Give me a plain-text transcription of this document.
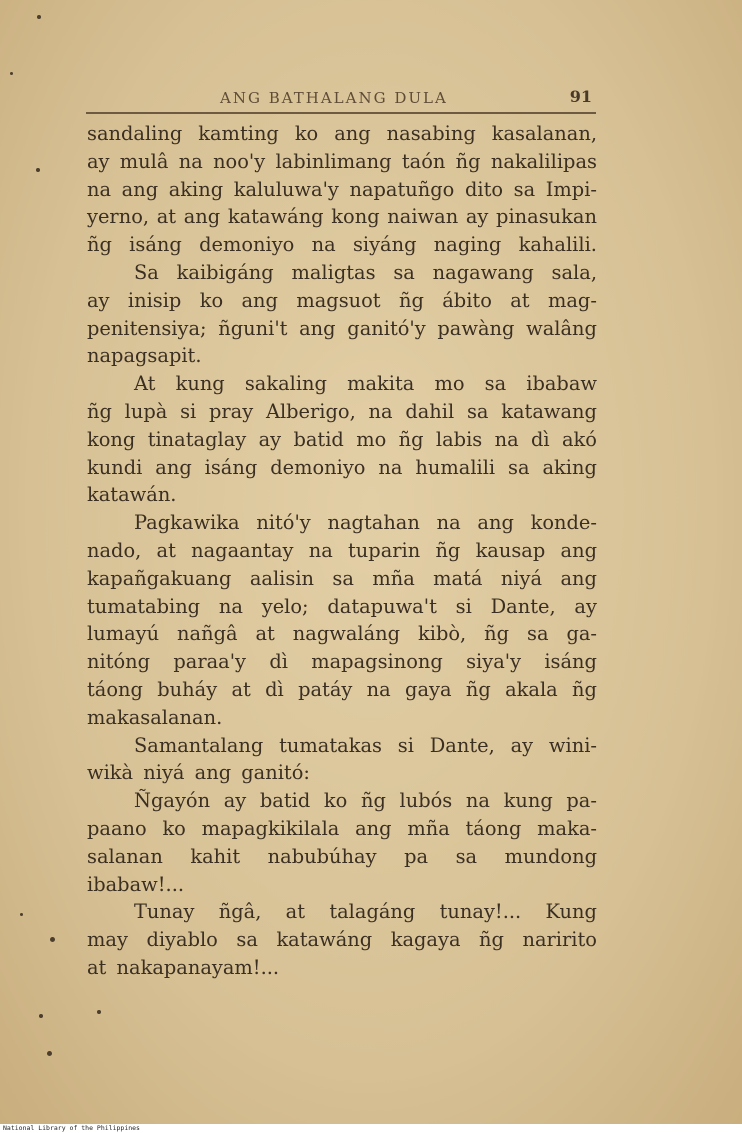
ANG BATHALANG DULA	91
sandaling kamting ko ang nasabing kasalanan,
ay mulâ na noo'y labinlimang taón ñg nakalilipas
na ang aking kaluluwa'y napatuñgo dito sa Impi-
yerno, at ang katawáng kong naiwan ay pinasukan
ñg isáng demoniyo na siyáng naging kahalili.
Sa kaibigáng maligtas sa nagawang sala,
ay inisip ko ang magsuot ñg ábito at mag-
penitensiya; ñguni't ang ganitó'y pawàng walâng
napagsapit.
At kung sakaling makita mo sa ibabaw
ñg lupà si pray Alberigo, na dahil sa katawang
kong tinataglay ay batid mo ñg labis na dì akó
kundi ang isáng demoniyo na humalili sa aking
katawán.
Pagkawika nitó'y nagtahan na ang konde-
nado, at nagaantay na tuparin ñg kausap ang
kapañgakuang aalisin sa mña matá niyá ang
tumatabing na yelo; datapuwa't si Dante, ay
lumayú nañgâ at nagwaláng kibò, ñg sa ga-
nitóng paraa'y dì mapagsinong siya'y isáng
táong buháy at dì patáy na gaya ñg akala ñg
makasalanan.
Samantalang tumatakas si Dante, ay wini-
wikà niyá ang ganitó:
Ñgayón ay batid ko ñg lubós na kung pa-
paano ko mapagkikilala ang mña táong maka-
salanan kahit nabubúhay pa sa mundong
ibabaw!...
Tunay ñgâ, at talagáng tunay!... Kung
may diyablo sa katawáng kagaya ñg naririto
at nakapanayam!...
National Library of the Philippines
